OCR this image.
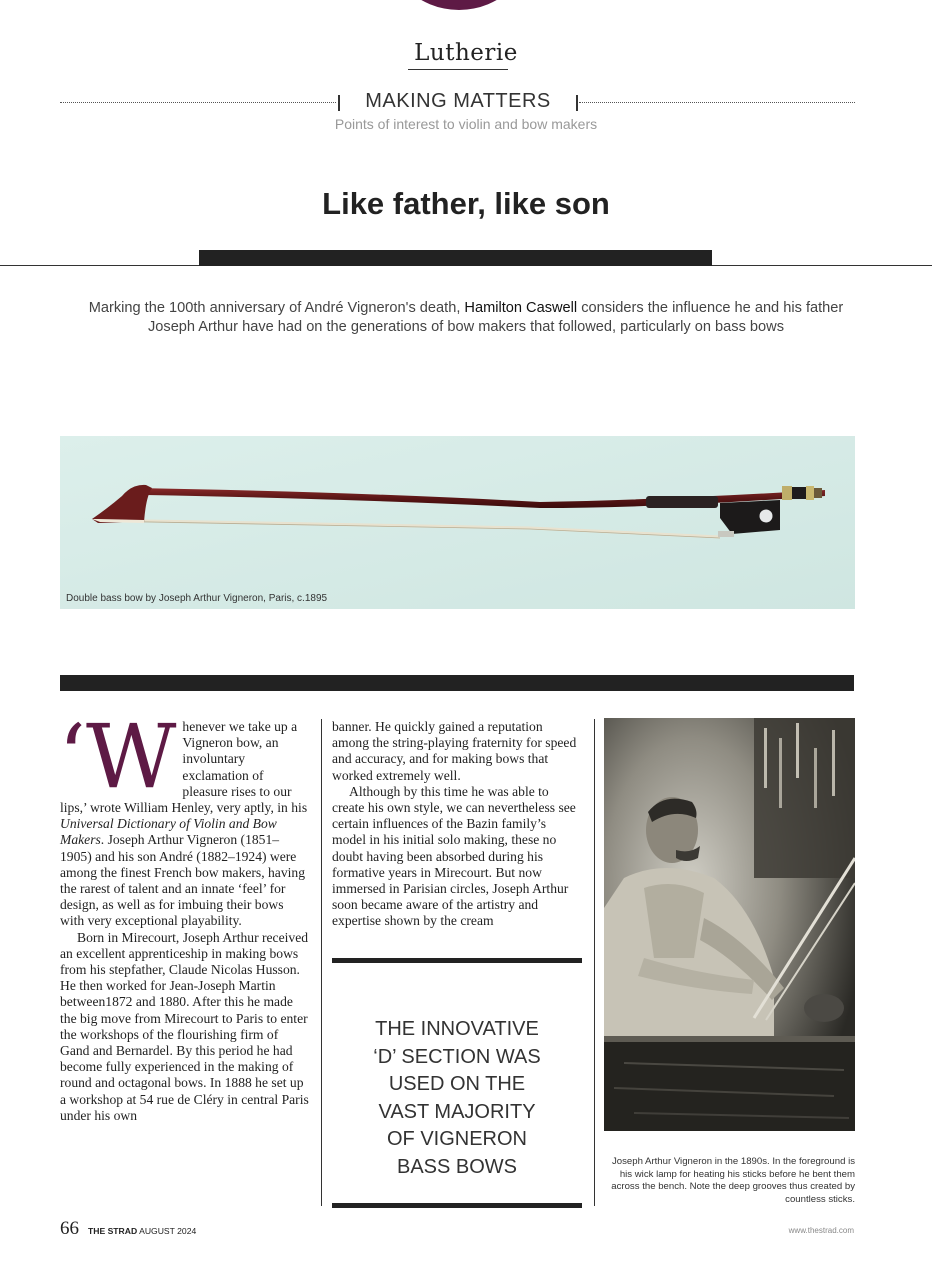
Lutherie
MAKING MATTERS
Points of interest to violin and bow makers
Like father, like son

Marking the 100th anniversary of André Vigneron's death, Hamilton Caswell considers the influence he and his father Joseph Arthur have had on the generations of bow makers that followed, particularly on bass bows

Double bass bow by Joseph Arthur Vigneron, Paris, c.1895

‘Whenever we take up a Vigneron bow, an involuntary exclamation of pleasure rises to our lips,’ wrote William Henley, very aptly, in his Universal Dictionary of Violin and Bow Makers. Joseph Arthur Vigneron (1851–1905) and his son André (1882–1924) were among the finest French bow makers, having the rarest of talent and an innate ‘feel’ for design, as well as for imbuing their bows with very exceptional playability.

Born in Mirecourt, Joseph Arthur received an excellent apprenticeship in making bows from his stepfather, Claude Nicolas Husson. He then worked for Jean-Joseph Martin between1872 and 1880. After this he made the big move from Mirecourt to Paris to enter the workshops of the flourishing firm of Gand and Bernardel. By this period he had become fully experienced in the making of round and octagonal bows. In 1888 he set up a workshop at 54 rue de Cléry in central Paris under his own

banner. He quickly gained a reputation among the string-playing fraternity for speed and accuracy, and for making bows that worked extremely well.

Although by this time he was able to create his own style, we can nevertheless see certain influences of the Bazin family’s model in his initial solo making, these no doubt having been absorbed during his formative years in Mirecourt. But now immersed in Parisian circles, Joseph Arthur soon became aware of the artistry and expertise shown by the cream

THE INNOVATIVE
‘D’ SECTION WAS
USED ON THE
VAST MAJORITY
OF VIGNERON
BASS BOWS	Joseph Arthur Vigneron in the 1890s. In the foreground is his wick lamp for heating his sticks before he bent them across the bench. Note the deep grooves thus created by countless sticks.
66 THE STRAD AUGUST 2024	www.thestrad.com
